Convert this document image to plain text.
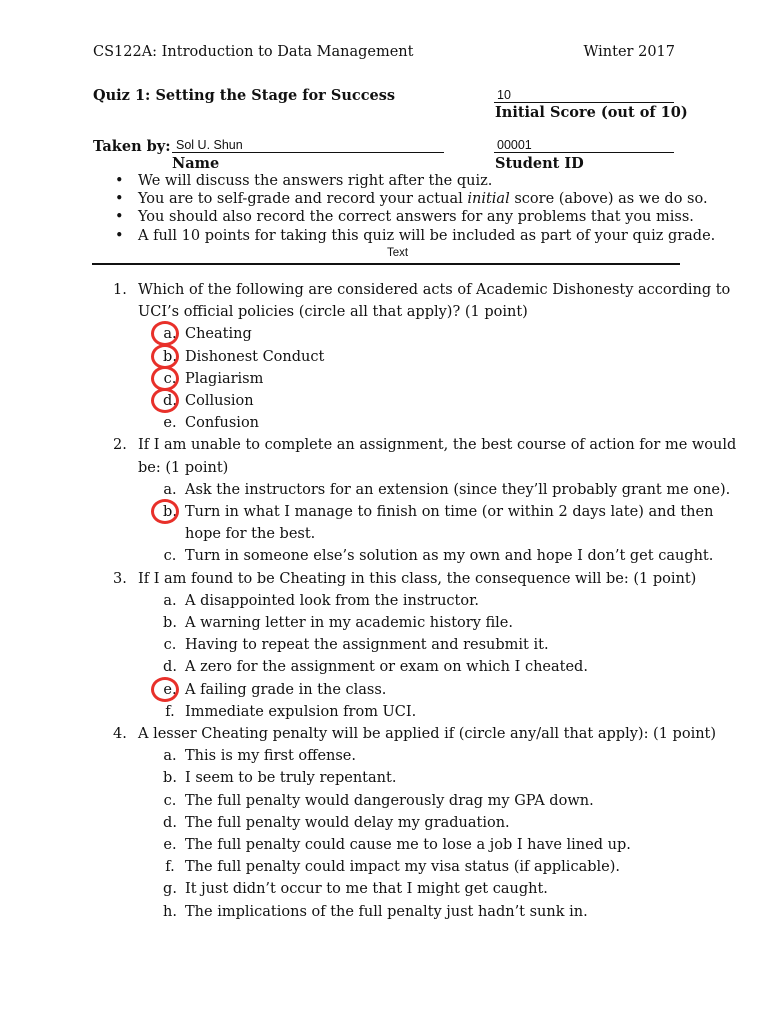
CS122A: Introduction to Data Management	Winter 2017
Quiz 1: Setting the Stage for Success	10
Initial Score (out of 10)
Taken by: Sol U. Shun
Name
00001
Student ID
• We will discuss the answers right after the quiz.
• You are to self-grade and record your actual initial score (above) as we do so.
• You should also record the correct answers for any problems that you miss.
• A full 10 points for taking this quiz will be included as part of your quiz grade.
Text
1. Which of the following are considered acts of Academic Dishonesty according to
UCI’s official policies (circle all that apply)? (1 point)
a. Cheating
b. Dishonest Conduct
c. Plagiarism
d. Collusion
e. Confusion
2. If I am unable to complete an assignment, the best course of action for me would
be: (1 point)
a. Ask the instructors for an extension (since they’ll probably grant me one).
b. Turn in what I manage to finish on time (or within 2 days late) and then
hope for the best.
c. Turn in someone else’s solution as my own and hope I don’t get caught.
3. If I am found to be Cheating in this class, the consequence will be: (1 point)
a. A disappointed look from the instructor.
b. A warning letter in my academic history file.
c. Having to repeat the assignment and resubmit it.
d. A zero for the assignment or exam on which I cheated.
e. A failing grade in the class.
f. Immediate expulsion from UCI.
4. A lesser Cheating penalty will be applied if (circle any/all that apply): (1 point)
a. This is my first offense.
b. I seem to be truly repentant.
c. The full penalty would dangerously drag my GPA down.
d. The full penalty would delay my graduation.
e. The full penalty could cause me to lose a job I have lined up.
f. The full penalty could impact my visa status (if applicable).
g. It just didn’t occur to me that I might get caught.
h. The implications of the full penalty just hadn’t sunk in.
